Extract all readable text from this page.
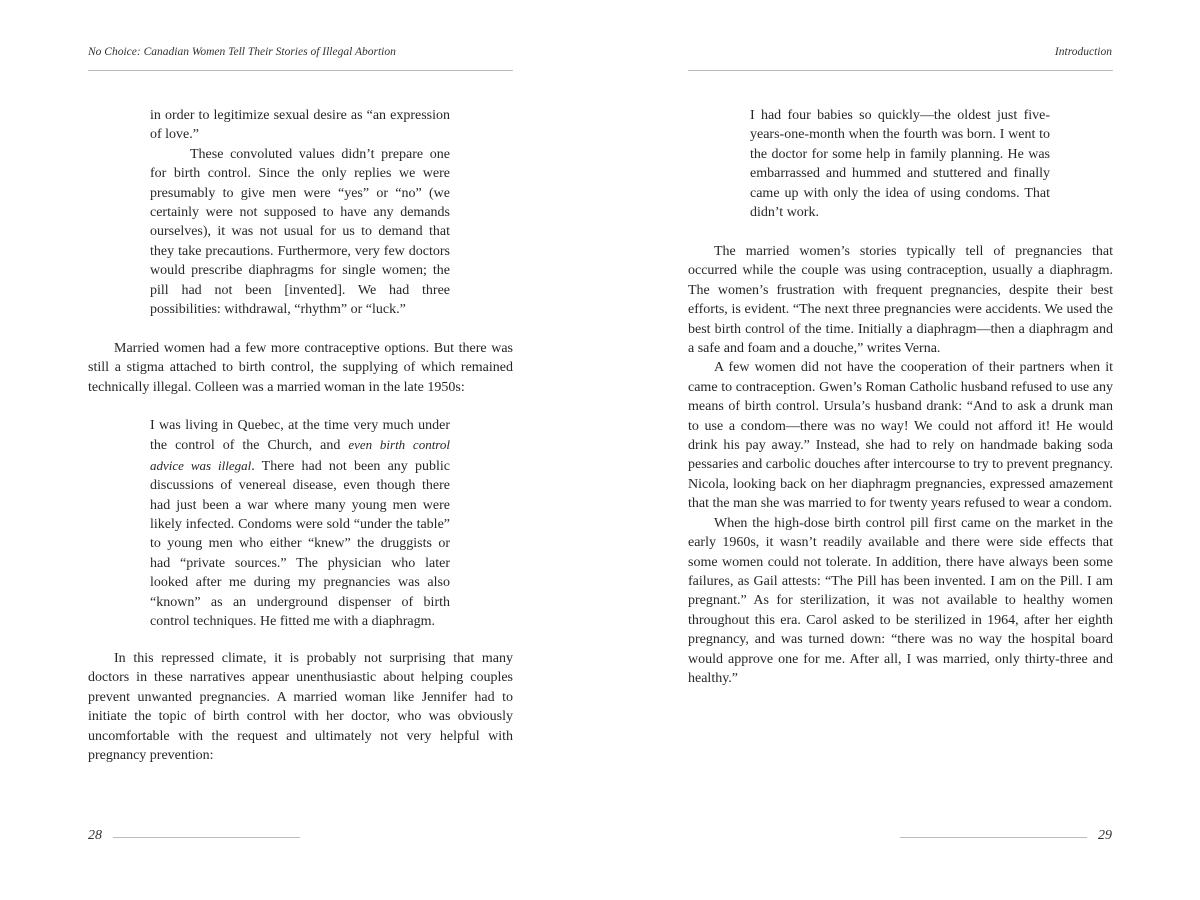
No Choice: Canadian Women Tell Their Stories of Illegal Abortion

in order to legitimize sexual desire as “an expression of love.”

These convoluted values didn’t prepare one for birth control. Since the only replies we were presumably to give men were “yes” or “no” (we certainly were not supposed to have any demands ourselves), it was not usual for us to demand that they take precautions. Furthermore, very few doctors would prescribe diaphragms for single women; the pill had not been [invented]. We had three possibilities: withdrawal, “rhythm” or “luck.”

Married women had a few more contraceptive options. But there was still a stigma attached to birth control, the supplying of which remained technically illegal. Colleen was a married woman in the late 1950s:

I was living in Quebec, at the time very much under the control of the Church, and even birth control advice was illegal. There had not been any public discussions of venereal disease, even though there had just been a war where many young men were likely infected. Condoms were sold “under the table” to young men who either “knew” the druggists or had “private sources.” The physician who later looked after me during my pregnancies was also “known” as an underground dispenser of birth control techniques. He fitted me with a diaphragm.

In this repressed climate, it is probably not surprising that many doctors in these narratives appear unenthusiastic about helping couples prevent unwanted pregnancies. A married woman like Jennifer had to initiate the topic of birth control with her doctor, who was obviously uncomfortable with the request and ultimately not very helpful with pregnancy prevention:

28
Introduction

I had four babies so quickly—the oldest just five-years-one-month when the fourth was born. I went to the doctor for some help in family planning. He was embarrassed and hummed and stuttered and finally came up with only the idea of using condoms. That didn’t work.

The married women’s stories typically tell of pregnancies that occurred while the couple was using contraception, usually a diaphragm. The women’s frustration with frequent pregnancies, despite their best efforts, is evident. “The next three pregnancies were accidents. We used the best birth control of the time. Initially a diaphragm—then a diaphragm and a safe and foam and a douche,” writes Verna.

A few women did not have the cooperation of their partners when it came to contraception. Gwen’s Roman Catholic husband refused to use any means of birth control. Ursula’s husband drank: “And to ask a drunk man to use a condom—there was no way! We could not afford it! He would drink his pay away.” Instead, she had to rely on handmade baking soda pessaries and carbolic douches after intercourse to try to prevent pregnancy. Nicola, looking back on her diaphragm pregnancies, expressed amazement that the man she was married to for twenty years refused to wear a condom.

When the high-dose birth control pill first came on the market in the early 1960s, it wasn’t readily available and there were side effects that some women could not tolerate. In addition, there have always been some failures, as Gail attests: “The Pill has been invented. I am on the Pill. I am pregnant.” As for sterilization, it was not available to healthy women throughout this era. Carol asked to be sterilized in 1964, after her eighth pregnancy, and was turned down: “there was no way the hospital board would approve one for me. After all, I was married, only thirty-three and healthy.”

29
